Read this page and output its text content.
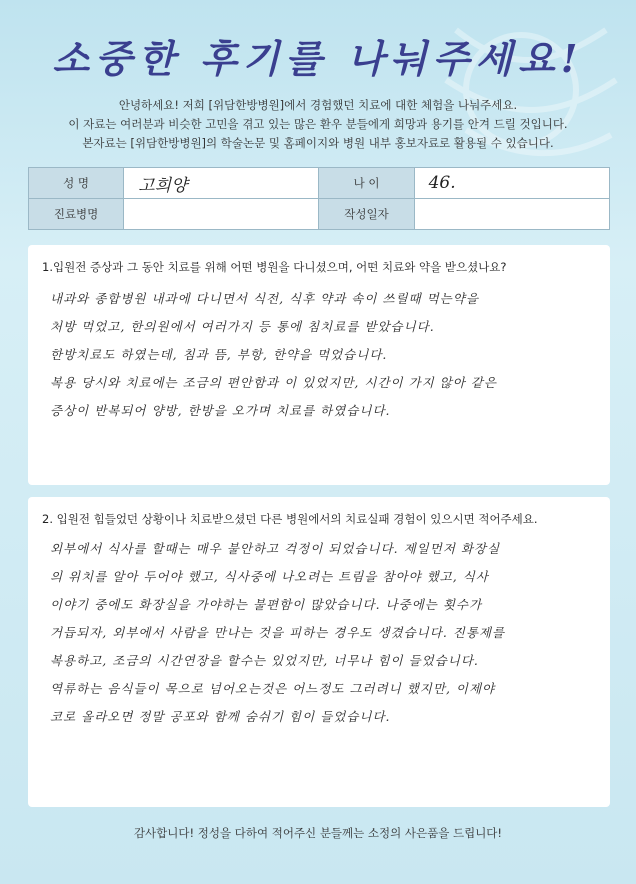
소중한 후기를 나눠주세요!
안녕하세요! 저희 [위담한방병원]에서 경험했던 치료에 대한 체험을 나눠주세요.
이 자료는 여러분과 비슷한 고민을 겪고 있는 많은 환우 분들에게 희망과 용기를 안겨 드릴 것입니다.
본자료는 [위담한방병원]의 학술논문 및 홈페이지와 병원 내부 홍보자료로 활용될 수 있습니다.
성 명	고희양	나 이	46.
진료병명		작성일자	
1.입원전 증상과 그 동안 치료를 위해 어떤 병원을 다니셨으며, 어떤 치료와 약을 받으셨나요?
내과와 종합병원 내과에 다니면서 식전, 식후 약과 속이 쓰릴때 먹는약을
처방 먹었고, 한의원에서 여러가지 등 통에 침치료를 받았습니다.
한방치료도 하였는데, 침과 뜸, 부항, 한약을 먹었습니다.
복용 당시와 치료에는 조금의 편안함과 이 있었지만, 시간이 가지 않아 같은
증상이 반복되어 양방, 한방을 오가며 치료를 하였습니다.
2. 입원전 힘들었던 상황이나 치료받으셨던 다른 병원에서의 치료실패 경험이 있으시면 적어주세요.
외부에서 식사를 할때는 매우 불안하고 걱정이 되었습니다. 제일먼저 화장실
의 위치를 알아 두어야 했고, 식사중에 나오려는 트림을 참아야 했고, 식사
이야기 중에도 화장실을 가야하는 불편함이 많았습니다. 나중에는 횟수가
거듭되자, 외부에서 사람을 만나는 것을 피하는 경우도 생겼습니다. 진통제를
복용하고, 조금의 시간연장을 할수는 있었지만, 너무나 힘이 들었습니다.
역류하는 음식들이 목으로 넘어오는것은 어느정도 그러려니 했지만, 이제야
코로 올라오면 정말 공포와 함께 숨쉬기 힘이 들었습니다.
감사합니다! 정성을 다하여 적어주신 분들께는 소정의 사은품을 드립니다!
